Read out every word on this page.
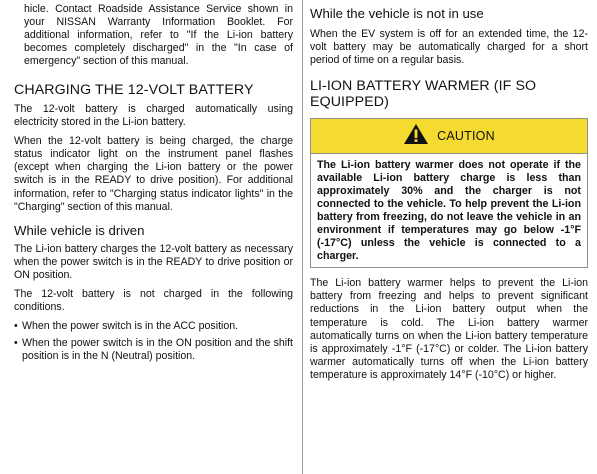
hicle. Contact Roadside Assistance Service shown in your NISSAN Warranty Information Booklet. For additional information, refer to "If the Li-ion battery becomes completely discharged" in the "In case of emergency" section of this manual.

CHARGING THE 12-VOLT BATTERY

The 12-volt battery is charged automatically using electricity stored in the Li-ion battery.

When the 12-volt battery is being charged, the charge status indicator light on the instrument panel flashes (except when charging the Li-ion battery or the power switch is in the READY to drive position). For additional information, refer to "Charging status indicator lights" in the "Charging" section of this manual.

While vehicle is driven

The Li-ion battery charges the 12-volt battery as necessary when the power switch is in the READY to drive position or ON position.

The 12-volt battery is not charged in the following conditions.

• When the power switch is in the ACC position.
• When the power switch is in the ON position and the shift position is in the N (Neutral) position.
While the vehicle is not in use

When the EV system is off for an extended time, the 12-volt battery may be automatically charged for a short period of time on a regular basis.

LI-ION BATTERY WARMER (IF SO EQUIPPED)
CAUTION

The Li-ion battery warmer does not operate if the available Li-ion battery charge is less than approximately 30% and the charger is not connected to the vehicle. To help prevent the Li-ion battery from freezing, do not leave the vehicle in an environment if temperatures may go below -1°F (-17°C) unless the vehicle is connected to a charger.

The Li-ion battery warmer helps to prevent the Li-ion battery from freezing and helps to prevent significant reductions in the Li-ion battery output when the temperature is cold. The Li-ion battery warmer automatically turns on when the Li-ion battery temperature is approximately -1°F (-17°C) or colder. The Li-ion battery warmer automatically turns off when the Li-ion battery temperature is approximately 14°F (-10°C) or higher.
